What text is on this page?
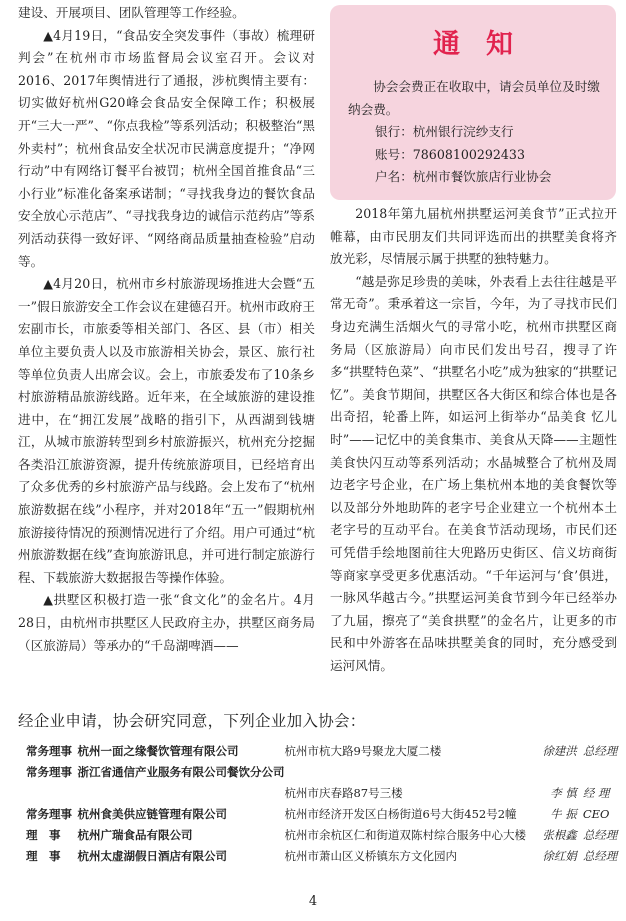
建设、开展项目、团队管理等工作经验。

▲4月19日，“食品安全突发事件（事故）梳理研判会”在杭州市市场监督局会议室召开。会议对2016、2017年舆情进行了通报，涉杭舆情主要有：切实做好杭州G20峰会食品安全保障工作；积极展开“三大一严”、“你点我检”等系列活动；积极整治“黑外卖村”；杭州食品安全状况市民满意度提升；“净网行动”中有网络订餐平台被罚；杭州全国首推食品“三小行业”标准化备案承诺制；“寻找我身边的餐饮食品安全放心示范店”、“寻找我身边的诚信示范药店”等系列活动获得一致好评、“网络商品质量抽查检验”启动等。

▲4月20日，杭州市乡村旅游现场推进大会暨“五一”假日旅游安全工作会议在建德召开。杭州市政府王宏副市长，市旅委等相关部门、各区、县（市）相关单位主要负责人以及市旅游相关协会，景区、旅行社等单位负责人出席会议。会上，市旅委发布了10条乡村旅游精品旅游线路。近年来，在全域旅游的建设推进中，在“拥江发展”战略的指引下，从西湖到钱塘江，从城市旅游转型到乡村旅游振兴，杭州充分挖掘各类沿江旅游资源，提升传统旅游项目，已经培育出了众多优秀的乡村旅游产品与线路。会上发布了“杭州旅游数据在线”小程序，并对2018年“五一”假期杭州旅游接待情况的预测情况进行了介绍。用户可通过“杭州旅游数据在线”查询旅游讯息，并可进行制定旅游行程、下载旅游大数据报告等操作体验。

▲拱墅区积极打造一张“食文化”的金名片。4月28日，由杭州市拱墅区人民政府主办，拱墅区商务局（区旅游局）等承办的“千岛湖啤酒——

通知
协会会费正在收取中，请会员单位及时缴纳会费。
银行：杭州银行浣纱支行
账号：78608100292433
户名：杭州市餐饮旅店行业协会

2018年第九届杭州拱墅运河美食节”正式拉开帷幕，由市民朋友们共同评选而出的拱墅美食将齐放光彩，尽情展示属于拱墅的独特魅力。

“越是弥足珍贵的美味，外表看上去往往越是平常无奇”。秉承着这一宗旨，今年，为了寻找市民们身边充满生活烟火气的寻常小吃，杭州市拱墅区商务局（区旅游局）向市民们发出号召，搜寻了许多“拱墅特色菜”、“拱墅名小吃”成为独家的“拱墅记忆”。美食节期间，拱墅区各大街区和综合体也是各出奇招，轮番上阵，如运河上街举办“品美食 忆儿时”——记忆中的美食集市、美食从天降——主题性美食快闪互动等系列活动；水晶城整合了杭州及周边老字号企业，在广场上集杭州本地的美食餐饮等以及部分外地助阵的老字号企业建立一个杭州本土老字号的互动平台。在美食节活动现场，市民们还可凭借手绘地图前往大兜路历史街区、信义坊商街等商家享受更多优惠活动。“千年运河与‘食’俱进，一脉风华越古今。”拱墅运河美食节到今年已经举办了九届，擦亮了“美食拱墅”的金名片，让更多的市民和中外游客在品味拱墅美食的同时，充分感受到运河风情。

经企业申请，协会研究同意，下列企业加入协会：
常务理事	杭州一面之缘餐饮管理有限公司	杭州市杭大路9号聚龙大厦二楼	徐建洪	总经理
常务理事	浙江省通信产业服务有限公司餐饮分公司			
		杭州市庆春路87号三楼	李 慎	经 理
常务理事	杭州食美供应链管理有限公司	杭州市经济开发区白杨街道6号大街452号2幢	牛 振	CEO
理　事	杭州广瑞食品有限公司	杭州市余杭区仁和街道双陈村综合服务中心大楼	张根鑫	总经理
理　事	杭州太虚湖假日酒店有限公司	杭州市萧山区义桥镇东方文化园内	徐红娟	总经理
4
